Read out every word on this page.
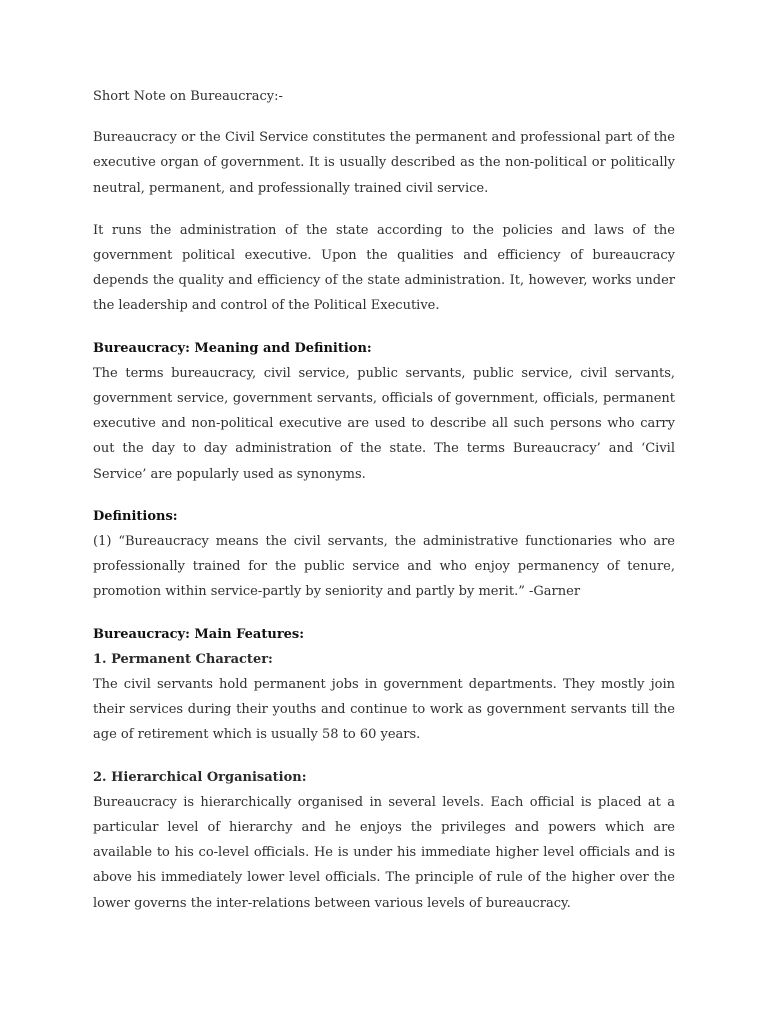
Short Note on Bureaucracy:-

Bureaucracy or the Civil Service constitutes the permanent and professional part of the executive organ of government. It is usually described as the non-political or politically neutral, permanent, and professionally trained civil service.

It runs the administration of the state according to the policies and laws of the government political executive. Upon the qualities and efficiency of bureaucracy depends the quality and efficiency of the state administration. It, however, works under the leadership and control of the Political Executive.

Bureaucracy: Meaning and Definition:

The terms bureaucracy, civil service, public servants, public service, civil servants, government service, government servants, officials of government, officials, permanent executive and non-political executive are used to describe all such persons who carry out the day to day administration of the state. The terms Bureaucracy’ and ‘Civil Service’ are popularly used as synonyms.

Definitions:

(1) “Bureaucracy means the civil servants, the administrative functionaries who are professionally trained for the public service and who enjoy permanency of tenure, promotion within service-partly by seniority and partly by merit.” -Garner

Bureaucracy: Main Features:

1. Permanent Character:

The civil servants hold permanent jobs in government departments. They mostly join their services during their youths and continue to work as government servants till the age of retirement which is usually 58 to 60 years.

2. Hierarchical Organisation:

Bureaucracy is hierarchically organised in several levels. Each official is placed at a particular level of hierarchy and he enjoys the privileges and powers which are available to his co-level officials. He is under his immediate higher level officials and is above his immediately lower level officials. The principle of rule of the higher over the lower governs the inter-relations between various levels of bureaucracy.
